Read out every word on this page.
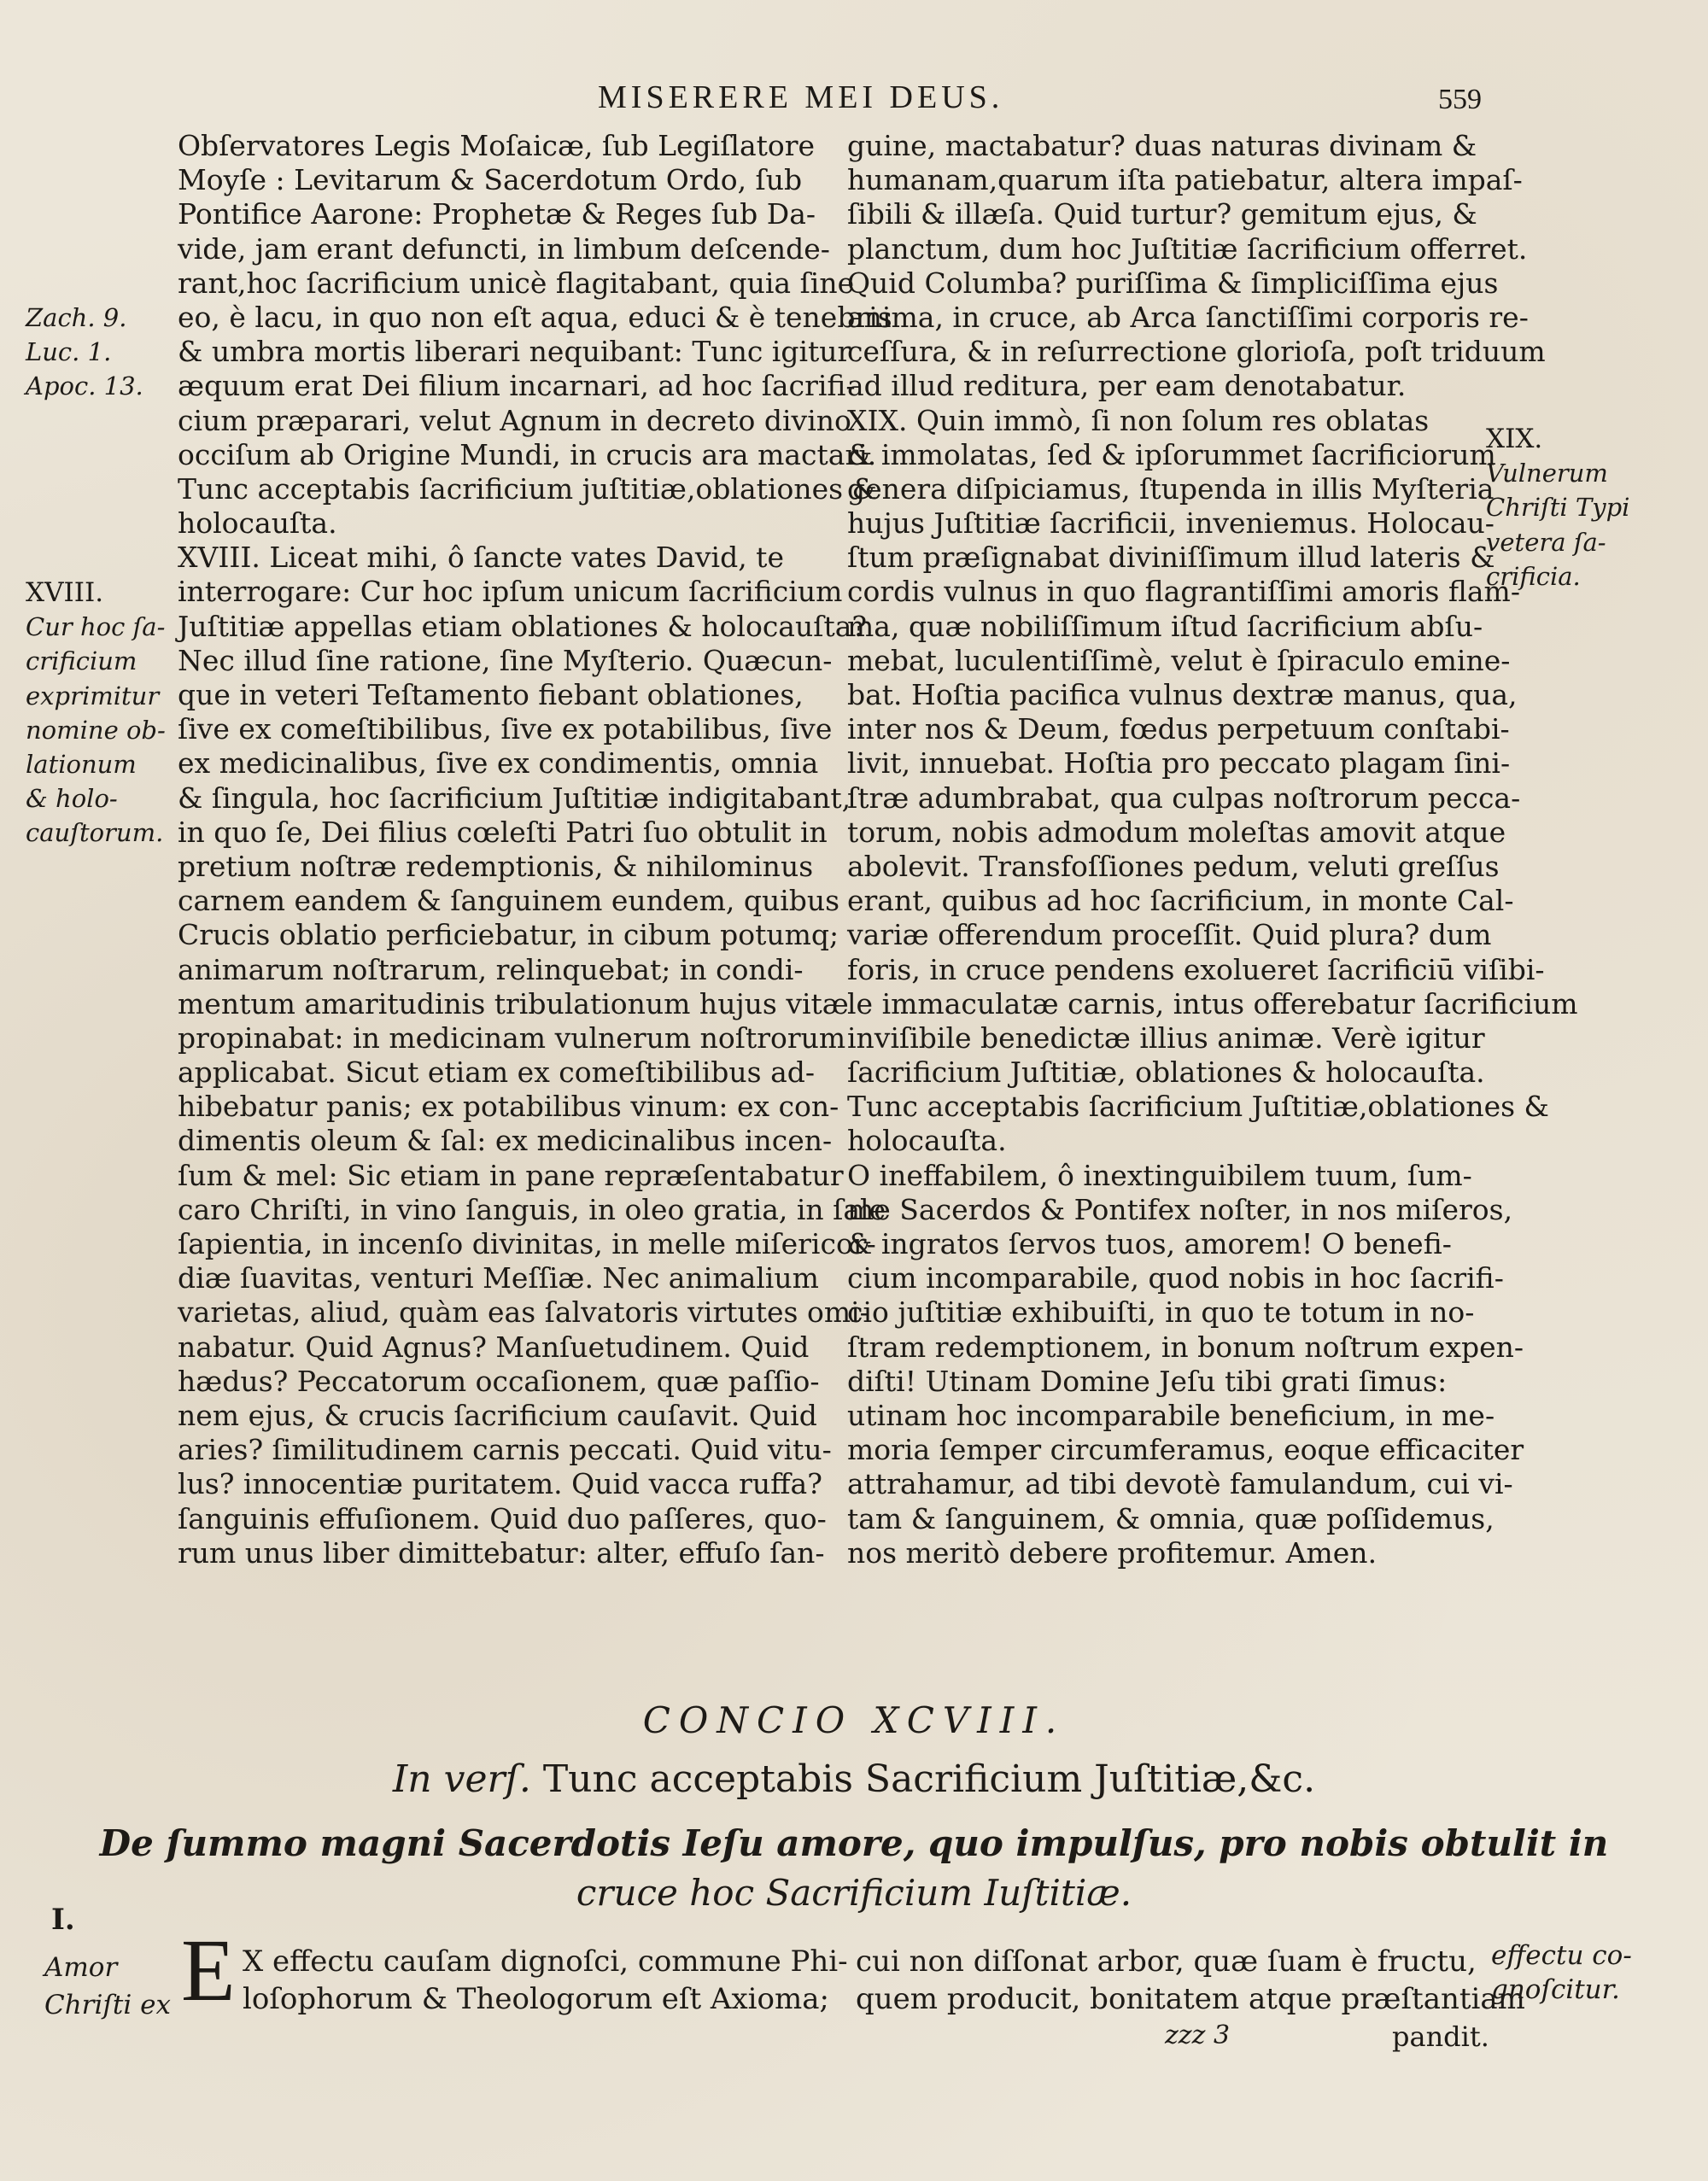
MISERERE MEI DEUS.	559
Zach. 9.
Luc. 1.
Apoc. 13.
XVIII.
Cur hoc ſa-
crificium
exprimitur
nomine ob-
lationum
& holo-
cauſtorum.
XIX.
Vulnerum
Chriſti Typi
vetera ſa-
crificia.
Obſervatores Legis Moſaicæ, ſub Legiſlatore
Moyſe : Levitarum & Sacerdotum Ordo, ſub
Pontifice Aarone: Prophetæ & Reges ſub Da-
vide, jam erant defuncti, in limbum deſcende-
rant,hoc ſacrificium unicè flagitabant, quia ſine
eo, è lacu, in quo non eſt aqua, educi & è tenebris
& umbra mortis liberari nequibant: Tunc igitur
æquum erat Dei filium incarnari, ad hoc ſacrifi-
cium præparari, velut Agnum in decreto divino
occiſum ab Origine Mundi, in crucis ara mactari.
Tunc acceptabis ſacrificium juſtitiæ,oblationes &
holocauſta.
XVIII. Liceat mihi, ô ſancte vates David, te
interrogare: Cur hoc ipſum unicum ſacrificium
Juſtitiæ appellas etiam oblationes & holocauſta?
Nec illud ſine ratione, ſine Myſterio. Quæcun-
que in veteri Teſtamento fiebant oblationes,
ſive ex comeſtibilibus, ſive ex potabilibus, ſive
ex medicinalibus, ſive ex condimentis, omnia
& ſingula, hoc ſacrificium Juſtitiæ indigitabant,
in quo ſe, Dei filius cœleſti Patri ſuo obtulit in
pretium noſtræ redemptionis, & nihilominus
carnem eandem & ſanguinem eundem, quibus
Crucis oblatio perficiebatur, in cibum potumq;
animarum noſtrarum, relinquebat; in condi-
mentum amaritudinis tribulationum hujus vitæ
propinabat: in medicinam vulnerum noſtrorum
applicabat. Sicut etiam ex comeſtibilibus ad-
hibebatur panis; ex potabilibus vinum: ex con-
dimentis oleum & ſal: ex medicinalibus incen-
ſum & mel: Sic etiam in pane repræſentabatur
caro Chriſti, in vino ſanguis, in oleo gratia, in ſale
ſapientia, in incenſo divinitas, in melle miſericor-
diæ ſuavitas, venturi Meſſiæ. Nec animalium
varietas, aliud, quàm eas ſalvatoris virtutes omi-
nabatur. Quid Agnus? Manſuetudinem. Quid
hædus? Peccatorum occaſionem, quæ paſſio-
nem ejus, & crucis ſacrificium cauſavit. Quid
aries? ſimilitudinem carnis peccati. Quid vitu-
lus? innocentiæ puritatem. Quid vacca ruffa?
ſanguinis effuſionem. Quid duo paſſeres, quo-
rum unus liber dimittebatur: alter, effuſo ſan-
guine, mactabatur? duas naturas divinam &
humanam,quarum iſta patiebatur, altera impaſ-
ſibili & illæſa. Quid turtur? gemitum ejus, &
planctum, dum hoc Juſtitiæ ſacrificium offerret.
Quid Columba? puriſſima & ſimpliciſſima ejus
anima, in cruce, ab Arca ſanctiſſimi corporis re-
ceſſura, & in reſurrectione glorioſa, poſt triduum
ad illud reditura, per eam denotabatur.
XIX. Quin immò, ſi non ſolum res oblatas
& immolatas, ſed & ipſorummet ſacrificiorum
genera diſpiciamus, ſtupenda in illis Myſteria
hujus Juſtitiæ ſacrificii, inveniemus. Holocau-
ſtum præſignabat diviniſſimum illud lateris &
cordis vulnus in quo flagrantiſſimi amoris flam-
ma, quæ nobiliſſimum iſtud ſacrificium abſu-
mebat, luculentiſſimè, velut è ſpiraculo emine-
bat. Hoſtia pacifica vulnus dextræ manus, qua,
inter nos & Deum, fœdus perpetuum conſtabi-
livit, innuebat. Hoſtia pro peccato plagam ſini-
ſtræ adumbrabat, qua culpas noſtrorum pecca-
torum, nobis admodum moleſtas amovit atque
abolevit. Transfoſſiones pedum, veluti greſſus
erant, quibus ad hoc ſacrificium, in monte Cal-
variæ offerendum proceſſit. Quid plura? dum
foris, in cruce pendens exolueret ſacrificiū viſibi-
le immaculatæ carnis, intus offerebatur ſacrificium
inviſibile benedictæ illius animæ. Verè igitur
ſacrificium Juſtitiæ, oblationes & holocauſta.
Tunc acceptabis ſacrificium Juſtitiæ,oblationes &
holocauſta.
O ineffabilem, ô inextinguibilem tuum, ſum-
me Sacerdos & Pontifex noſter, in nos miſeros,
& ingratos ſervos tuos, amorem! O benefi-
cium incomparabile, quod nobis in hoc ſacrifi-
cio juſtitiæ exhibuiſti, in quo te totum in no-
ſtram redemptionem, in bonum noſtrum expen-
diſti! Utinam Domine Jeſu tibi grati ſimus:
utinam hoc incomparabile beneficium, in me-
moria ſemper circumferamus, eoque efficaciter
attrahamur, ad tibi devotè famulandum, cui vi-
tam & ſanguinem, & omnia, quæ poſſidemus,
nos meritò debere profitemur. Amen.
CONCIO XCVIII.
In verſ. Tunc acceptabis Sacrificium Juſtitiæ,&c.
De ſummo magni Sacerdotis Ieſu amore, quo impulſus, pro nobis obtulit in
cruce hoc Sacrificium Iuſtitiæ.
I.
Amor
Chriſti ex
effectu co-
gnoſcitur.
E X effectu cauſam dignoſci, commune Phi-
loſophorum & Theologorum eſt Axioma;
cui non diſſonat arbor, quæ ſuam è fructu,
quem producit, bonitatem atque præſtantiam
zzz 3	pandit.
